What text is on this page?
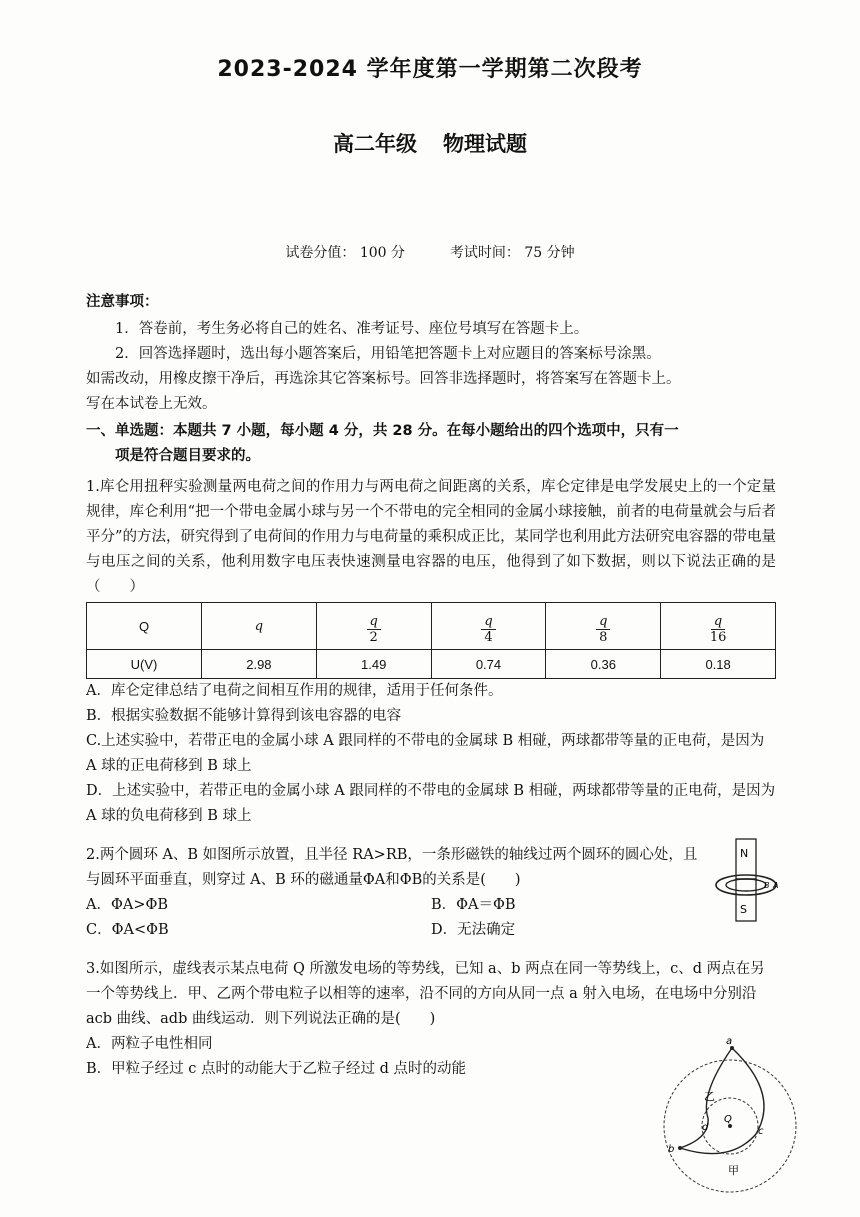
2023-2024 学年度第一学期第二次段考
高二年级 物理试题
试卷分值： 100 分	考试时间： 75 分钟
注意事项：

1．答卷前，考生务必将自己的姓名、准考证号、座位号填写在答题卡上。

2．回答选择题时，选出每小题答案后，用铅笔把答题卡上对应题目的答案标号涂黑。

如需改动，用橡皮擦干净后，再选涂其它答案标号。回答非选择题时，将答案写在答题卡上。

写在本试卷上无效。

一、单选题：本题共 7 小题，每小题 4 分，共 28 分。在每小题给出的四个选项中，只有一
项是符合题目要求的。

1.库仑用扭秤实验测量两电荷之间的作用力与两电荷之间距离的关系，库仑定律是电学发展史上的一个定量规律，库仑利用“把一个带电金属小球与另一个不带电的完全相同的金属小球接触，前者的电荷量就会与后者平分”的方法，研究得到了电荷间的作用力与电荷量的乘积成正比，某同学也利用此方法研究电容器的带电量与电压之间的关系，他利用数字电压表快速测量电容器的电压，他得到了如下数据，则以下说法正确的是（　　）

Q	q	$\frac{q}{2}$	$\frac{q}{4}$	$\frac{q}{8}$	$\frac{q}{16}$

U(V)	2.98	1.49	0.74	0.36	0.18

A．库仑定律总结了电荷之间相互作用的规律，适用于任何条件。

B．根据实验数据不能够计算得到该电容器的电容

C.上述实验中，若带正电的金属小球 A 跟同样的不带电的金属球 B 相碰，两球都带等量的正电荷，是因为 A 球的正电荷移到 B 球上

D．上述实验中，若带正电的金属小球 A 跟同样的不带电的金属球 B 相碰，两球都带等量的正电荷，是因为 A 球的负电荷移到 B 球上

2.两个圆环 A、B 如图所示放置，且半径 RA>RB，一条形磁铁的轴线过两个圆环的圆心处，且与圆环平面垂直，则穿过 A、B 环的磁通量ΦA和ΦB的关系是(　　)

A．ΦA>ΦB	B．ΦA＝ΦB
C．ΦA<ΦB	D．无法确定
N
S
B A

3.如图所示，虚线表示某点电荷 Q 所激发电场的等势线，已知 a、b 两点在同一等势线上，c、d 两点在另一个等势线上．甲、乙两个带电粒子以相等的速率，沿不同的方向从同一点 a 射入电场，在电场中分别沿 acb 曲线、adb 曲线运动．则下列说法正确的是(　　)

A．两粒子电性相同

B．甲粒子经过 c 点时的动能大于乙粒子经过 d 点时的动能

a
b
c
d
Q
乙
甲
